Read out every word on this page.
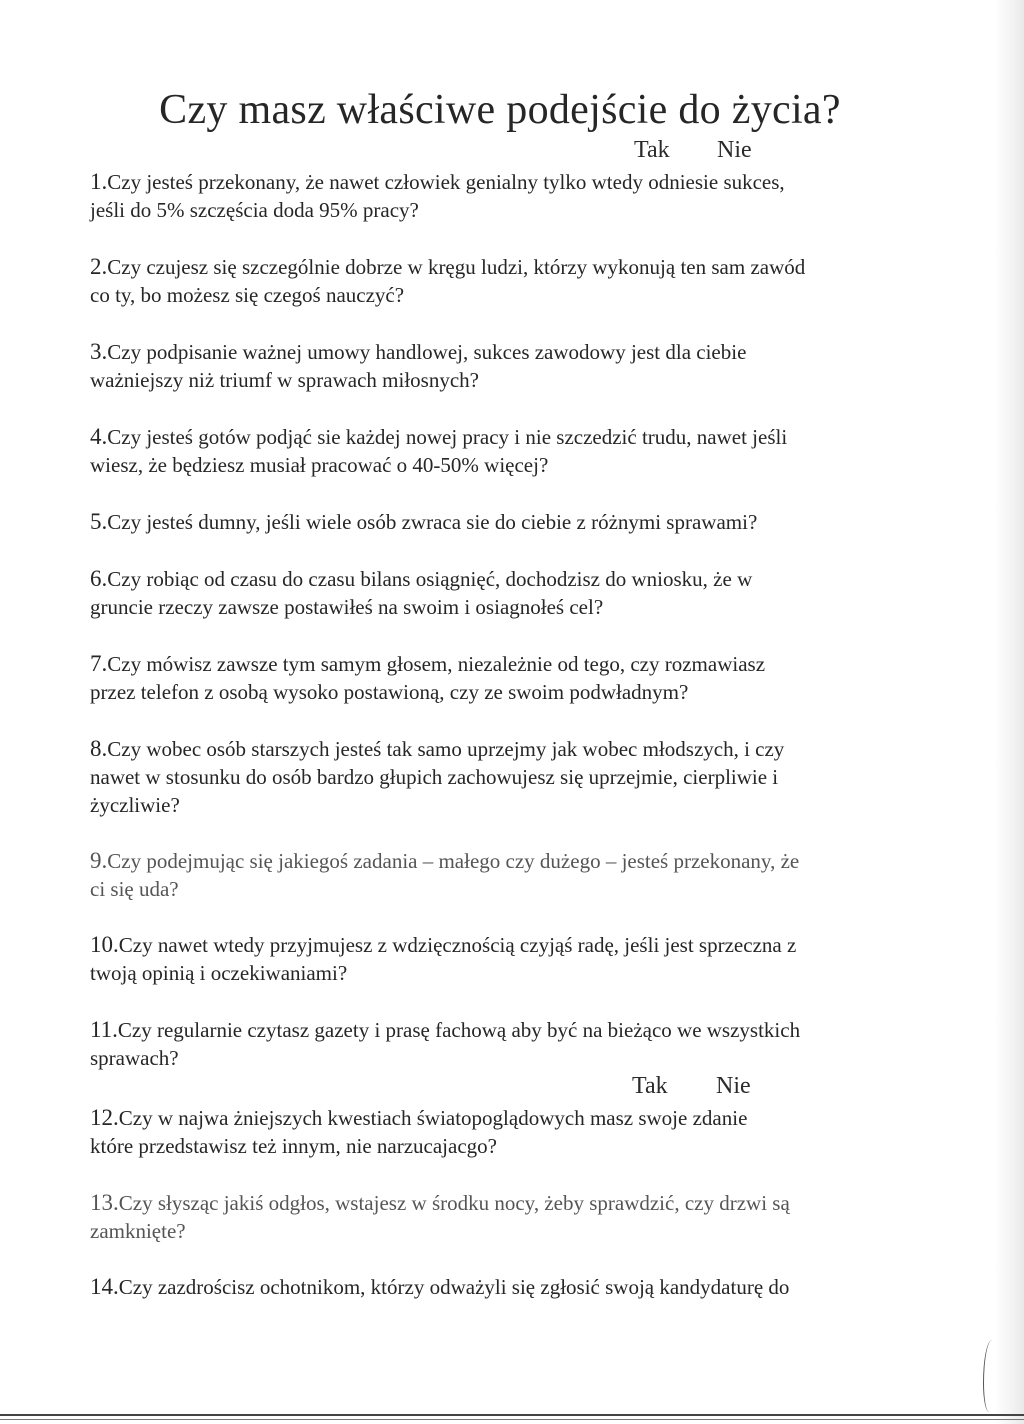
Czy masz właściwe podejście do życia?
Tak Nie
Tak Nie

1.Czy jesteś przekonany, że nawet człowiek genialny tylko wtedy odniesie sukces,

jeśli do 5% szczęścia doda 95% pracy?

2.Czy czujesz się szczególnie dobrze w kręgu ludzi, którzy wykonują ten sam zawód

co ty, bo możesz się czegoś nauczyć?

3.Czy podpisanie ważnej umowy handlowej, sukces zawodowy jest dla ciebie

ważniejszy niż triumf w sprawach miłosnych?

4.Czy jesteś gotów podjąć sie każdej nowej pracy i nie szczedzić trudu, nawet jeśli

wiesz, że będziesz musiał pracować o 40-50% więcej?

5.Czy jesteś dumny, jeśli wiele osób zwraca sie do ciebie z różnymi sprawami?

6.Czy robiąc od czasu do czasu bilans osiągnięć, dochodzisz do wniosku, że w

gruncie rzeczy zawsze postawiłeś na swoim i osiagnołeś cel?

7.Czy mówisz zawsze tym samym głosem, niezależnie od tego, czy rozmawiasz

przez telefon z osobą wysoko postawioną, czy ze swoim podwładnym?

8.Czy wobec osób starszych jesteś tak samo uprzejmy jak wobec młodszych, i czy

nawet w stosunku do osób bardzo głupich zachowujesz się uprzejmie, cierpliwie i

życzliwie?

9.Czy podejmując się jakiegoś zadania – małego czy dużego – jesteś przekonany, że

ci się uda?

10.Czy nawet wtedy przyjmujesz z wdzięcznością czyjąś radę, jeśli jest sprzeczna z

twoją opinią i oczekiwaniami?

11.Czy regularnie czytasz gazety i prasę fachową aby być na bieżąco we wszystkich

sprawach?

12.Czy w najwa żniejszych kwestiach światopoglądowych masz swoje zdanie

które przedstawisz też innym, nie narzucajacgo?

13.Czy słysząc jakiś odgłos, wstajesz w środku nocy, żeby sprawdzić, czy drzwi są

zamknięte?

14.Czy zazdrościsz ochotnikom, którzy odważyli się zgłosić swoją kandydaturę do
